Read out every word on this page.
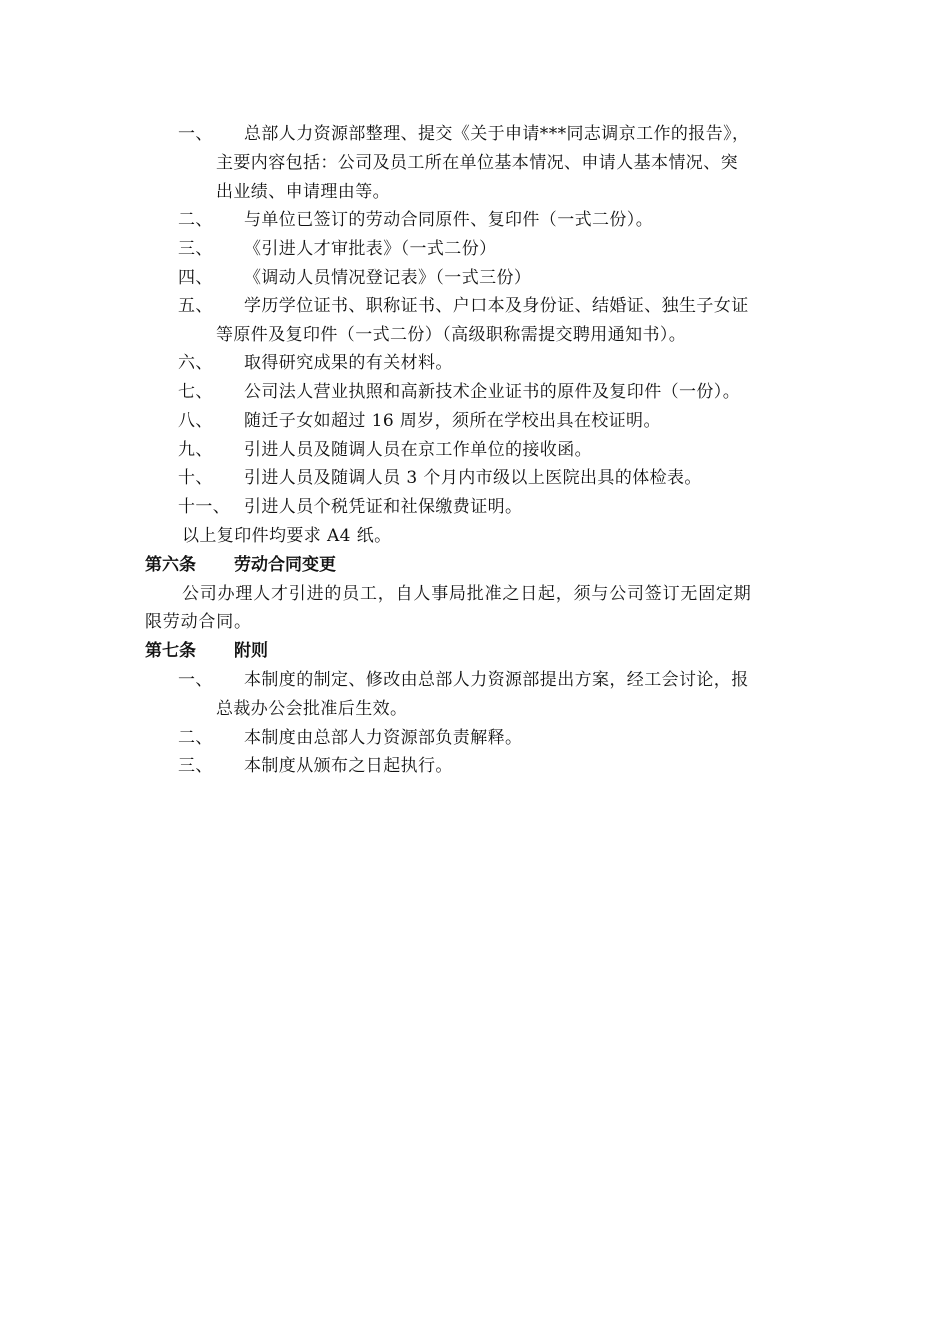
一、	总部人力资源部整理、提交《关于申请***同志调京工作的报告》，
主要内容包括：公司及员工所在单位基本情况、申请人基本情况、突
出业绩、申请理由等。
二、	与单位已签订的劳动合同原件、复印件（一式二份）。
三、	《引进人才审批表》（一式二份）
四、	《调动人员情况登记表》（一式三份）
五、	学历学位证书、职称证书、户口本及身份证、结婚证、独生子女证
等原件及复印件（一式二份）（高级职称需提交聘用通知书）。
六、	取得研究成果的有关材料。
七、	公司法人营业执照和高新技术企业证书的原件及复印件（一份）。
八、	随迁子女如超过 16 周岁，须所在学校出具在校证明。
九、	引进人员及随调人员在京工作单位的接收函。
十、	引进人员及随调人员 3 个月内市级以上医院出具的体检表。
十一、 引进人员个税凭证和社保缴费证明。
以上复印件均要求 A4 纸。
第六条 劳动合同变更
公司办理人才引进的员工，自人事局批准之日起，须与公司签订无固定期
限劳动合同。
第七条 附则
一、	本制度的制定、修改由总部人力资源部提出方案，经工会讨论，报
总裁办公会批准后生效。
二、	本制度由总部人力资源部负责解释。
三、	本制度从颁布之日起执行。
